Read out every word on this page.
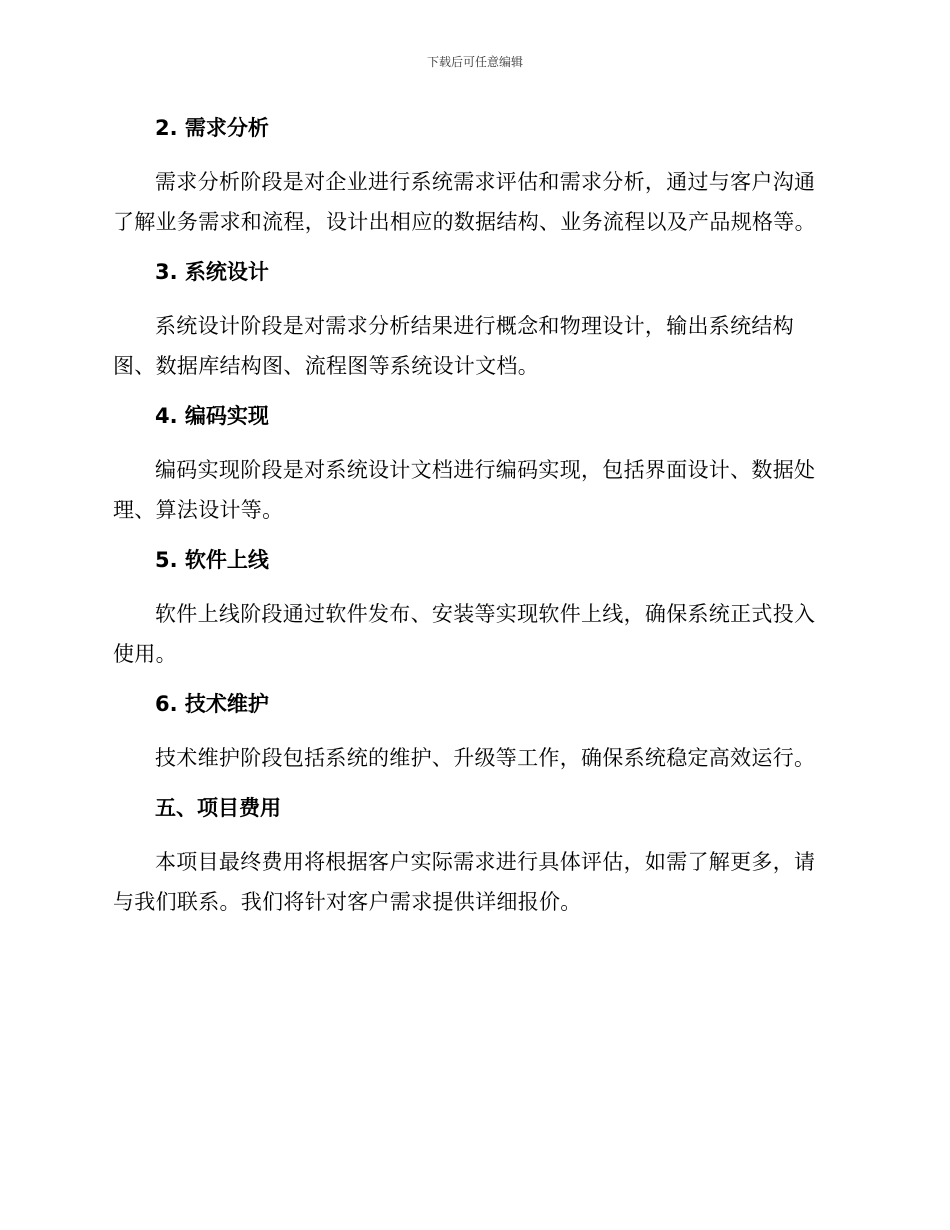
下载后可任意编辑
2. 需求分析
需求分析阶段是对企业进行系统需求评估和需求分析，通过与客户沟通了解业务需求和流程，设计出相应的数据结构、业务流程以及产品规格等。
3. 系统设计
系统设计阶段是对需求分析结果进行概念和物理设计，输出系统结构图、数据库结构图、流程图等系统设计文档。
4. 编码实现
编码实现阶段是对系统设计文档进行编码实现，包括界面设计、数据处理、算法设计等。
5. 软件上线
软件上线阶段通过软件发布、安装等实现软件上线，确保系统正式投入使用。
6. 技术维护
技术维护阶段包括系统的维护、升级等工作，确保系统稳定高效运行。
五、项目费用
本项目最终费用将根据客户实际需求进行具体评估，如需了解更多，请与我们联系。我们将针对客户需求提供详细报价。
